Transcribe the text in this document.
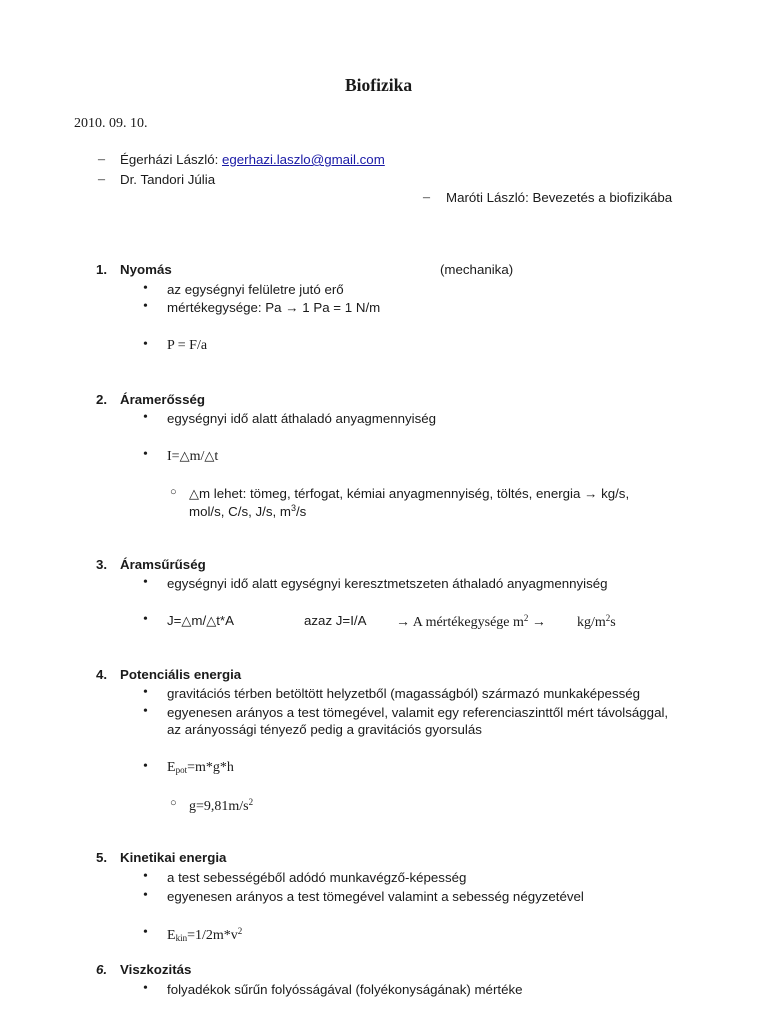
Biofizika
2010. 09. 10.
– Égerházi László: egerhazi.laszlo@gmail.com
– Dr. Tandori Júlia
– Maróti László: Bevezetés a biofizikába
1. Nyomás	(mechanika)
• az egységnyi felületre jutó erő
• mértékegysége: Pa → 1 Pa = 1 N/m
• P = F/a
2. Áramerősség
• egységnyi idő alatt áthaladó anyagmennyiség
• I=△m/△t
○ △m lehet: tömeg, térfogat, kémiai anyagmennyiség, töltés, energia → kg/s,
mol/s, C/s, J/s, $m^3/s$
3. Áramsűrűség
• egységnyi idő alatt egységnyi keresztmetszeten áthaladó anyagmennyiség
• J=△m/△t*A	azaz J=I/A → A mértékegysége $m^2 \to kg/m^2s$
4. Potenciális energia
• gravitációs térben betöltött helyzetből (magasságból) származó munkaképesség
• egyenesen arányos a test tömegével, valamit egy referenciaszinttől mért távolsággal,
az arányossági tényező pedig a gravitációs gyorsulás
• $E_{pot}=m*g*h$
○ $g=9,81m/s^2$
5. Kinetikai energia
• a test sebességéből adódó munkavégző-képesség
• egyenesen arányos a test tömegével valamint a sebesség négyzetével
• $E_{kin}=1/2m*v^2$
6. Viszkozitás
• folyadékok sűrűn folyósságával (folyékonyságának) mértéke
